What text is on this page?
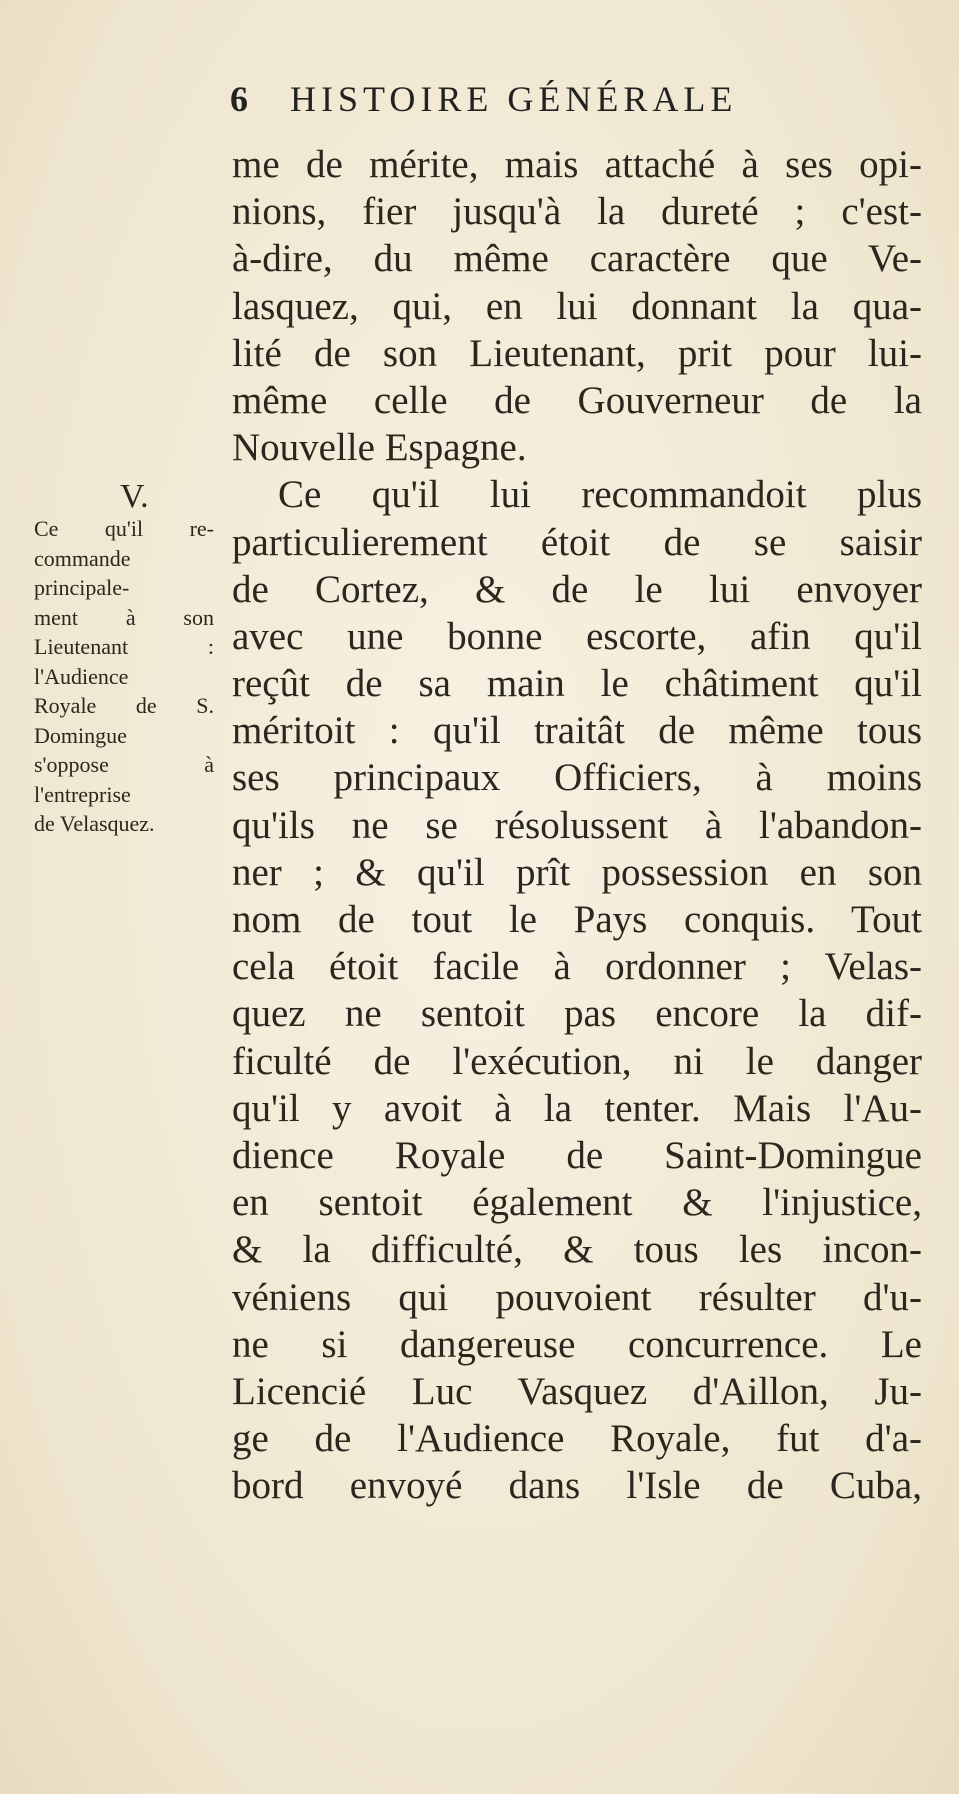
6 HISTOIRE GÉNÉRALE
V.
Ce qu'il re-
commande
principale-
ment à son
Lieutenant :
l'Audience
Royale de S.
Domingue
s'oppose à
l'entreprise
de Velasquez.
me de mérite, mais attaché à ses opi-
nions, fier jusqu'à la dureté ; c'est-
à-dire, du même caractère que Ve-
lasquez, qui, en lui donnant la qua-
lité de son Lieutenant, prit pour lui-
même celle de Gouverneur de la
Nouvelle Espagne.
Ce qu'il lui recommandoit plus
particulierement étoit de se saisir
de Cortez, & de le lui envoyer
avec une bonne escorte, afin qu'il
reçût de sa main le châtiment qu'il
méritoit : qu'il traitât de même tous
ses principaux Officiers, à moins
qu'ils ne se résolussent à l'abandon-
ner ; & qu'il prît possession en son
nom de tout le Pays conquis. Tout
cela étoit facile à ordonner ; Velas-
quez ne sentoit pas encore la dif-
ficulté de l'exécution, ni le danger
qu'il y avoit à la tenter. Mais l'Au-
dience Royale de Saint-Domingue
en sentoit également & l'injustice,
& la difficulté, & tous les incon-
véniens qui pouvoient résulter d'u-
ne si dangereuse concurrence. Le
Licencié Luc Vasquez d'Aillon, Ju-
ge de l'Audience Royale, fut d'a-
bord envoyé dans l'Isle de Cuba,
